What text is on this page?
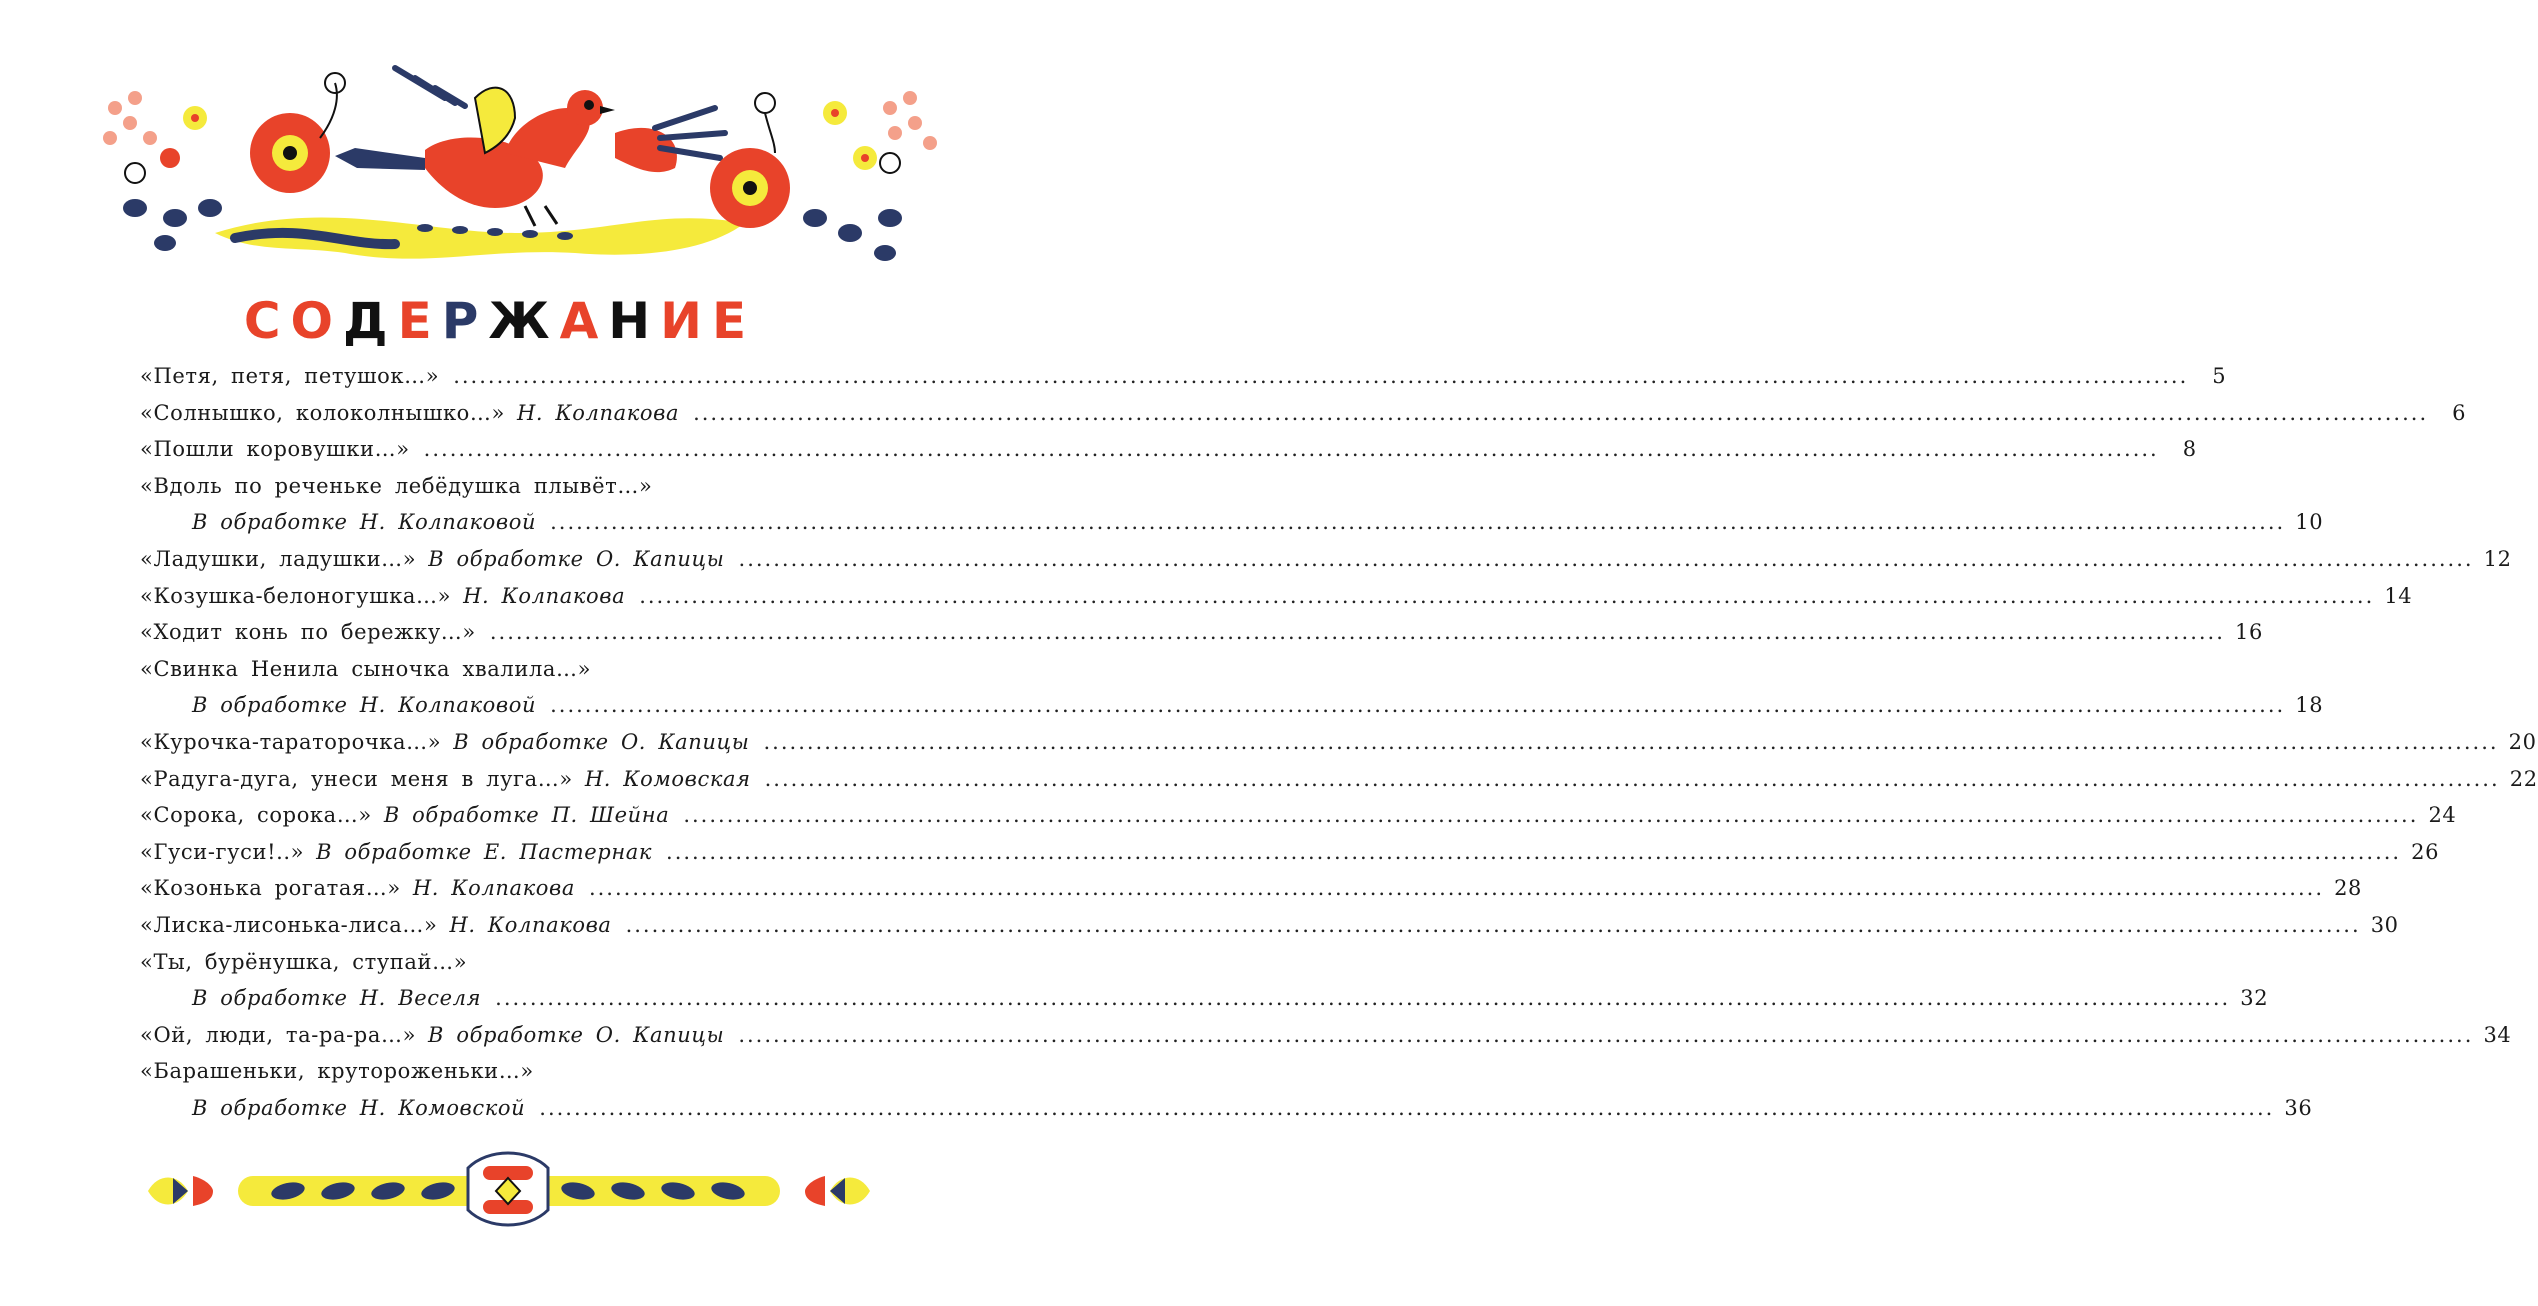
СОДЕРЖАНИЕ
«Петя, петя, петушок…» ........................................................................................................................................................................................................	5
«Солнышко, колоколнышко…» Н. Колпакова ........................................................................................................................................................................................................	6
«Пошли коровушки…» ........................................................................................................................................................................................................	8
«Вдоль по реченьке лебёдушка плывёт…»
В обработке Н. Колпаковой ........................................................................................................................................................................................................ 10
«Ладушки, ладушки…» В обработке О. Капицы ........................................................................................................................................................................................................ 12
«Козушка-белоногушка…» Н. Колпакова ........................................................................................................................................................................................................ 14
«Ходит конь по бережку…» ........................................................................................................................................................................................................ 16
«Свинка Ненила сыночка хвалила…»
В обработке Н. Колпаковой ........................................................................................................................................................................................................ 18
«Курочка-тараторочка…» В обработке О. Капицы ........................................................................................................................................................................................................ 20
«Радуга-дуга, унеси меня в луга…» Н. Комовская ........................................................................................................................................................................................................ 22
«Сорока, сорока…» В обработке П. Шейна ........................................................................................................................................................................................................ 24
«Гуси-гуси!..» В обработке Е. Пастернак ........................................................................................................................................................................................................ 26
«Козонька рогатая…» Н. Колпакова ........................................................................................................................................................................................................ 28
«Лиска-лисонька-лиса…» Н. Колпакова ........................................................................................................................................................................................................ 30
«Ты, бурёнушка, ступай…»
В обработке Н. Веселя ........................................................................................................................................................................................................ 32
«Ой, люди, та-ра-ра…» В обработке О. Капицы ........................................................................................................................................................................................................ 34
«Барашеньки, крутороженьки…»
В обработке Н. Комовской ........................................................................................................................................................................................................ 36
